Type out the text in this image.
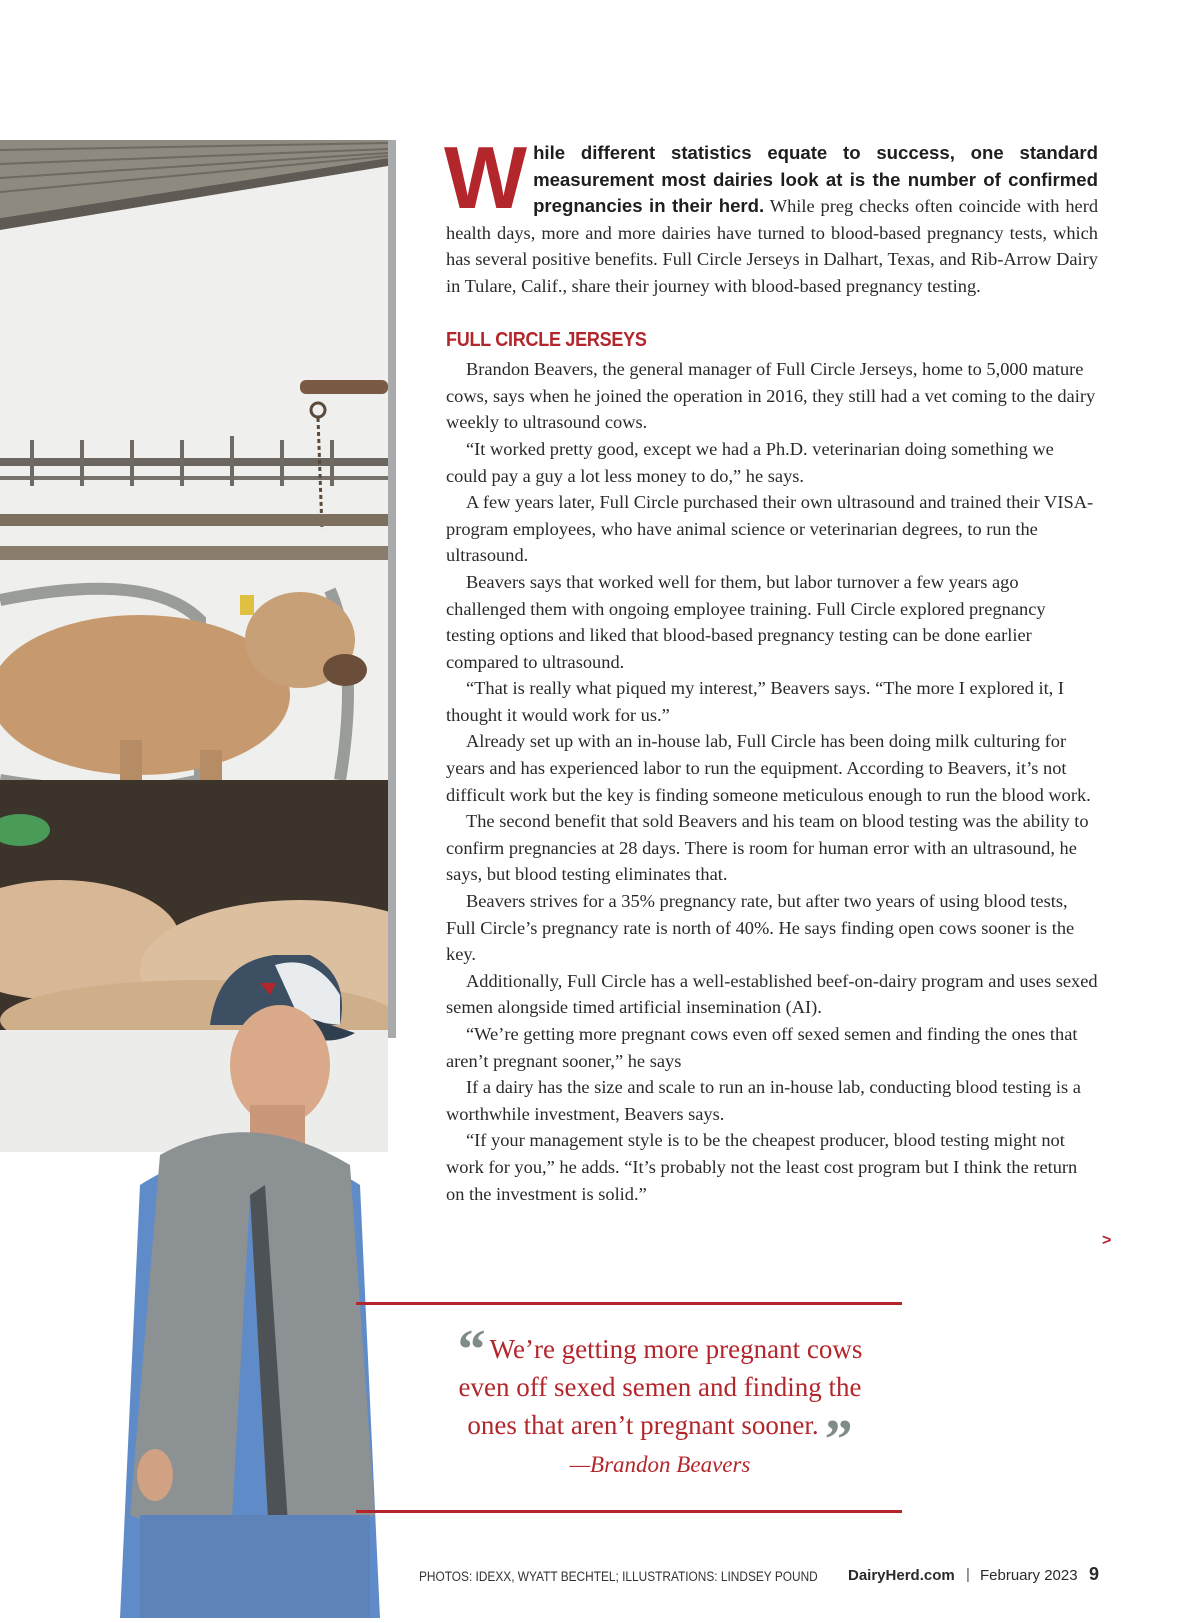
While different statistics equate to success, one standard measurement most dairies look at is the number of confirmed pregnancies in their herd. While preg checks often coincide with herd health days, more and more dairies have turned to blood-based pregnancy tests, which has several positive benefits. Full Circle Jerseys in Dalhart, Texas, and Rib-Arrow Dairy in Tulare, Calif., share their journey with blood-based pregnancy testing.

FULL CIRCLE JERSEYS

Brandon Beavers, the general manager of Full Circle Jerseys, home to 5,000 mature cows, says when he joined the operation in 2016, they still had a vet coming to the dairy weekly to ultrasound cows.

“It worked pretty good, except we had a Ph.D. veterinarian doing something we could pay a guy a lot less money to do,” he says.

A few years later, Full Circle purchased their own ultrasound and trained their VISA-program employees, who have animal science or veterinarian degrees, to run the ultrasound.

Beavers says that worked well for them, but labor turnover a few years ago challenged them with ongoing employee training. Full Circle explored pregnancy testing options and liked that blood-based pregnancy testing can be done earlier compared to ultrasound.

“That is really what piqued my interest,” Beavers says. “The more I explored it, I thought it would work for us.”

Already set up with an in-house lab, Full Circle has been doing milk culturing for years and has experienced labor to run the equipment. According to Beavers, it’s not difficult work but the key is finding someone meticulous enough to run the blood work.

The second benefit that sold Beavers and his team on blood testing was the ability to confirm pregnancies at 28 days. There is room for human error with an ultrasound, he says, but blood testing eliminates that.

Beavers strives for a 35% pregnancy rate, but after two years of using blood tests, Full Circle’s pregnancy rate is north of 40%. He says finding open cows sooner is the key.

Additionally, Full Circle has a well-established beef-on-dairy program and uses sexed semen alongside timed artificial insemination (AI).

“We’re getting more pregnant cows even off sexed semen and finding the ones that aren’t pregnant sooner,” he says

If a dairy has the size and scale to run an in-house lab, conducting blood testing is a worthwhile investment, Beavers says.

“If your management style is to be the cheapest producer, blood testing might not work for you,” he adds. “It’s probably not the least cost program but I think the return on the investment is solid.”

>
“ We’re getting more pregnant cows even off sexed semen and finding the ones that aren’t pregnant sooner. ”
—Brandon Beavers
PHOTOS: IDEXX, WYATT BECHTEL; ILLUSTRATIONS: LINDSEY POUND DairyHerd.com | February 2023 9
